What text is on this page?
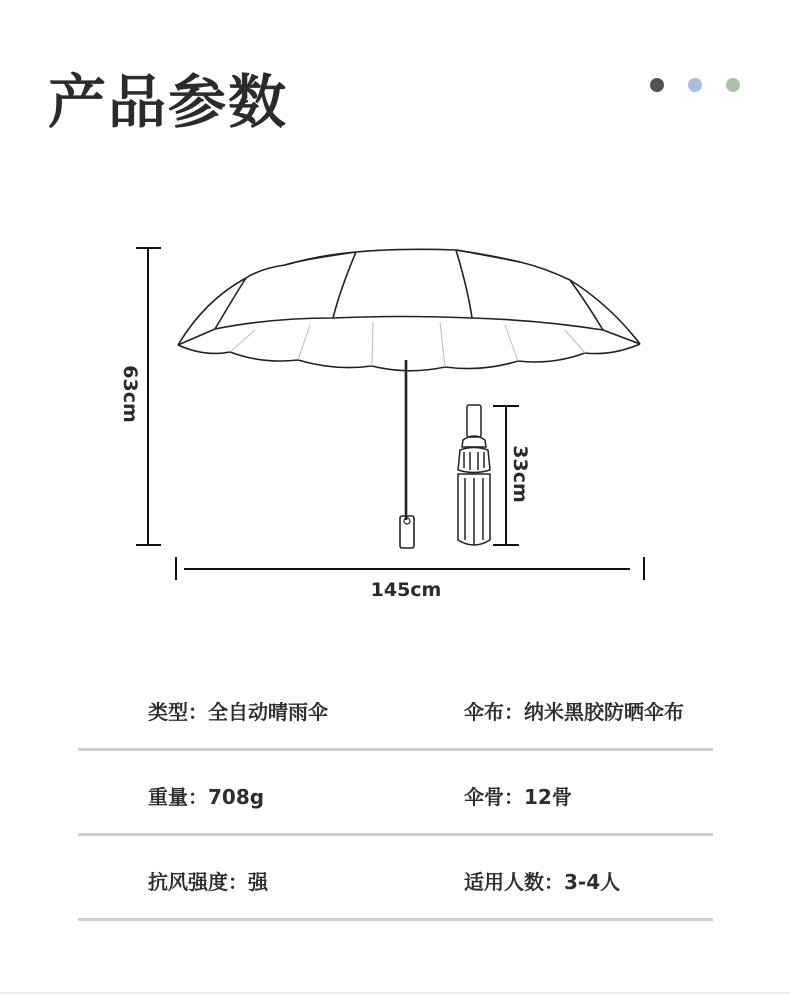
产品参数
63cm
33cm
145cm
类型：全自动晴雨伞	伞布：纳米黑胶防晒伞布
重量：708g	伞骨：12骨
抗风强度：强	适用人数：3-4人
